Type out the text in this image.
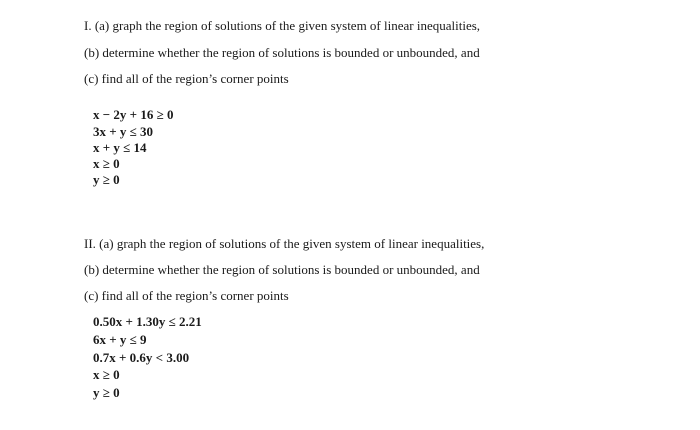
I. (a) graph the region of solutions of the given system of linear inequalities,
(b) determine whether the region of solutions is bounded or unbounded, and
(c) find all of the region’s corner points
x − 2y + 16 ≥ 0
3x + y ≤ 30
x + y ≤ 14
x ≥ 0
y ≥ 0
II. (a) graph the region of solutions of the given system of linear inequalities,
(b) determine whether the region of solutions is bounded or unbounded, and
(c) find all of the region’s corner points
0.50x + 1.30y ≤ 2.21
6x + y ≤ 9
0.7x + 0.6y < 3.00
x ≥ 0
y ≥ 0
